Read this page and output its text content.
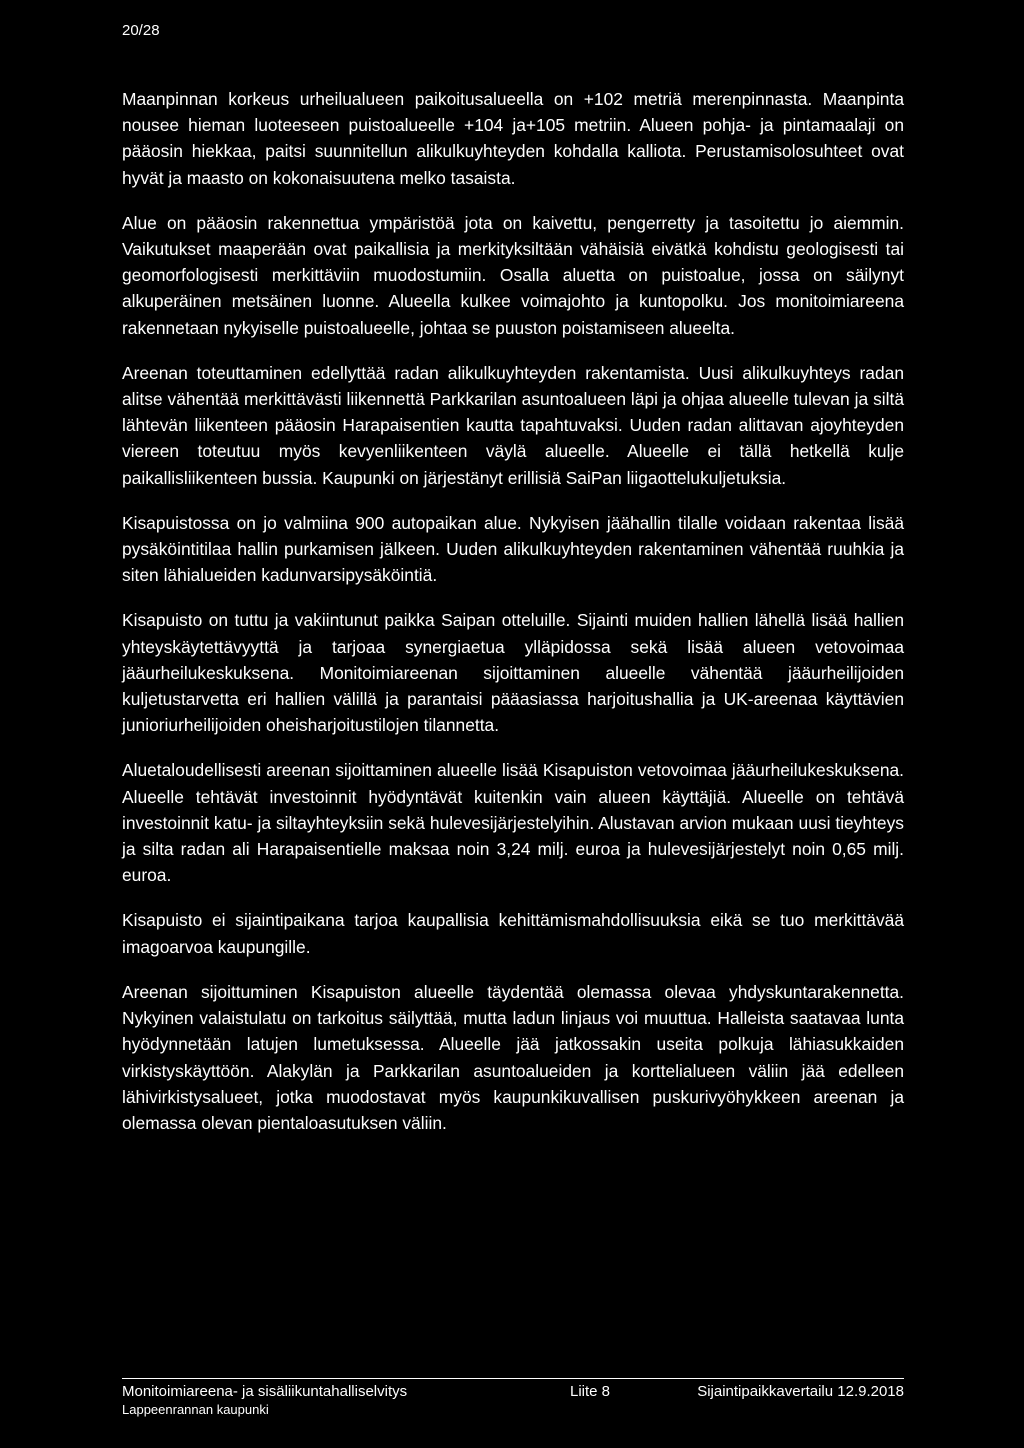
20/28

Maanpinnan korkeus urheilualueen paikoitusalueella on +102 metriä merenpinnasta. Maanpinta nousee hieman luoteeseen puistoalueelle +104 ja+105 metriin. Alueen pohja- ja pintamaalaji on pääosin hiekkaa, paitsi suunnitellun alikulkuyhteyden kohdalla kalliota. Perustamisolosuhteet ovat hyvät ja maasto on kokonaisuutena melko tasaista.

Alue on pääosin rakennettua ympäristöä jota on kaivettu, pengerretty ja tasoitettu jo aiemmin. Vaikutukset maaperään ovat paikallisia ja merkityksiltään vähäisiä eivätkä kohdistu geologisesti tai geomorfologisesti merkittäviin muodostumiin. Osalla aluetta on puistoalue, jossa on säilynyt alkuperäinen metsäinen luonne. Alueella kulkee voimajohto ja kuntopolku. Jos monitoimiareena rakennetaan nykyiselle puistoalueelle, johtaa se puuston poistamiseen alueelta.

Areenan toteuttaminen edellyttää radan alikulkuyhteyden rakentamista. Uusi alikulkuyhteys radan alitse vähentää merkittävästi liikennettä Parkkarilan asuntoalueen läpi ja ohjaa alueelle tulevan ja siltä lähtevän liikenteen pääosin Harapaisentien kautta tapahtuvaksi. Uuden radan alittavan ajoyhteyden viereen toteutuu myös kevyenliikenteen väylä alueelle. Alueelle ei tällä hetkellä kulje paikallisliikenteen bussia. Kaupunki on järjestänyt erillisiä SaiPan liigaottelukuljetuksia.

Kisapuistossa on jo valmiina 900 autopaikan alue. Nykyisen jäähallin tilalle voidaan rakentaa lisää pysäköintitilaa hallin purkamisen jälkeen. Uuden alikulkuyhteyden rakentaminen vähentää ruuhkia ja siten lähialueiden kadunvarsipysäköintiä.

Kisapuisto on tuttu ja vakiintunut paikka Saipan otteluille. Sijainti muiden hallien lähellä lisää hallien yhteyskäytettävyyttä ja tarjoaa synergiaetua ylläpidossa sekä lisää alueen vetovoimaa jääurheilukeskuksena. Monitoimiareenan sijoittaminen alueelle vähentää jääurheilijoiden kuljetustarvetta eri hallien välillä ja parantaisi pääasiassa harjoitushallia ja UK-areenaa käyttävien junioriurheilijoiden oheisharjoitustilojen tilannetta.

Aluetaloudellisesti areenan sijoittaminen alueelle lisää Kisapuiston vetovoimaa jääurheilukeskuksena. Alueelle tehtävät investoinnit hyödyntävät kuitenkin vain alueen käyttäjiä. Alueelle on tehtävä investoinnit katu- ja siltayhteyksiin sekä hulevesijärjestelyihin. Alustavan arvion mukaan uusi tieyhteys ja silta radan ali Harapaisentielle maksaa noin 3,24 milj. euroa ja hulevesijärjestelyt noin 0,65 milj. euroa.

Kisapuisto ei sijaintipaikana tarjoa kaupallisia kehittämismahdollisuuksia eikä se tuo merkittävää imagoarvoa kaupungille.

Areenan sijoittuminen Kisapuiston alueelle täydentää olemassa olevaa yhdyskuntarakennetta. Nykyinen valaistulatu on tarkoitus säilyttää, mutta ladun linjaus voi muuttua. Halleista saatavaa lunta hyödynnetään latujen lumetuksessa. Alueelle jää jatkossakin useita polkuja lähiasukkaiden virkistyskäyttöön. Alakylän ja Parkkarilan asuntoalueiden ja korttelialueen väliin jää edelleen lähivirkistysalueet, jotka muodostavat myös kaupunkikuvallisen puskurivyöhykkeen areenan ja olemassa olevan pientaloasutuksen väliin.

Monitoimiareena- ja sisäliikuntahalliselvitys	Liite 8	Sijaintipaikkavertailu 12.9.2018
Lappeenrannan kaupunki
